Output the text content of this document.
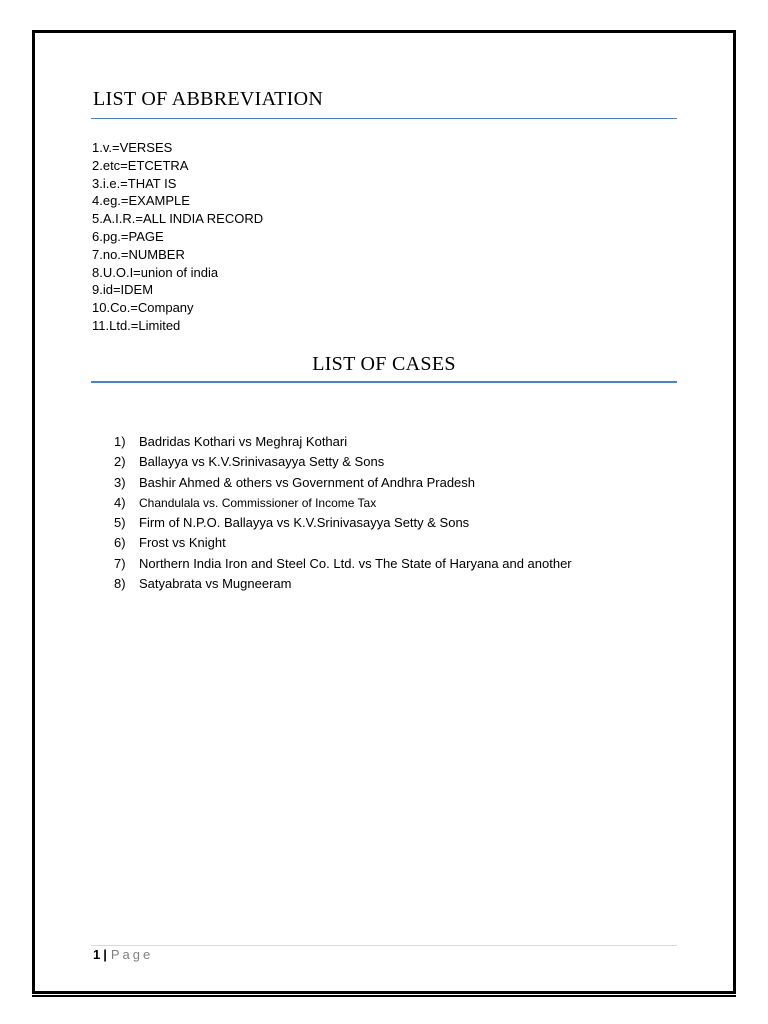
LIST OF ABBREVIATION
1.v.=VERSES
2.etc=ETCETRA
3.i.e.=THAT IS
4.eg.=EXAMPLE
5.A.I.R.=ALL INDIA RECORD
6.pg.=PAGE
7.no.=NUMBER
8.U.O.I=union of india
9.id=IDEM
10.Co.=Company
11.Ltd.=Limited
LIST OF CASES
1) Badridas Kothari vs Meghraj Kothari
2) Ballayya vs K.V.Srinivasayya Setty & Sons
3) Bashir Ahmed & others vs Government of Andhra Pradesh
4) Chandulala vs. Commissioner of Income Tax
5) Firm of N.P.O. Ballayya vs K.V.Srinivasayya Setty & Sons
6) Frost vs Knight
7) Northern India Iron and Steel Co. Ltd. vs The State of Haryana and another
8) Satyabrata vs Mugneeram
1 | Page
